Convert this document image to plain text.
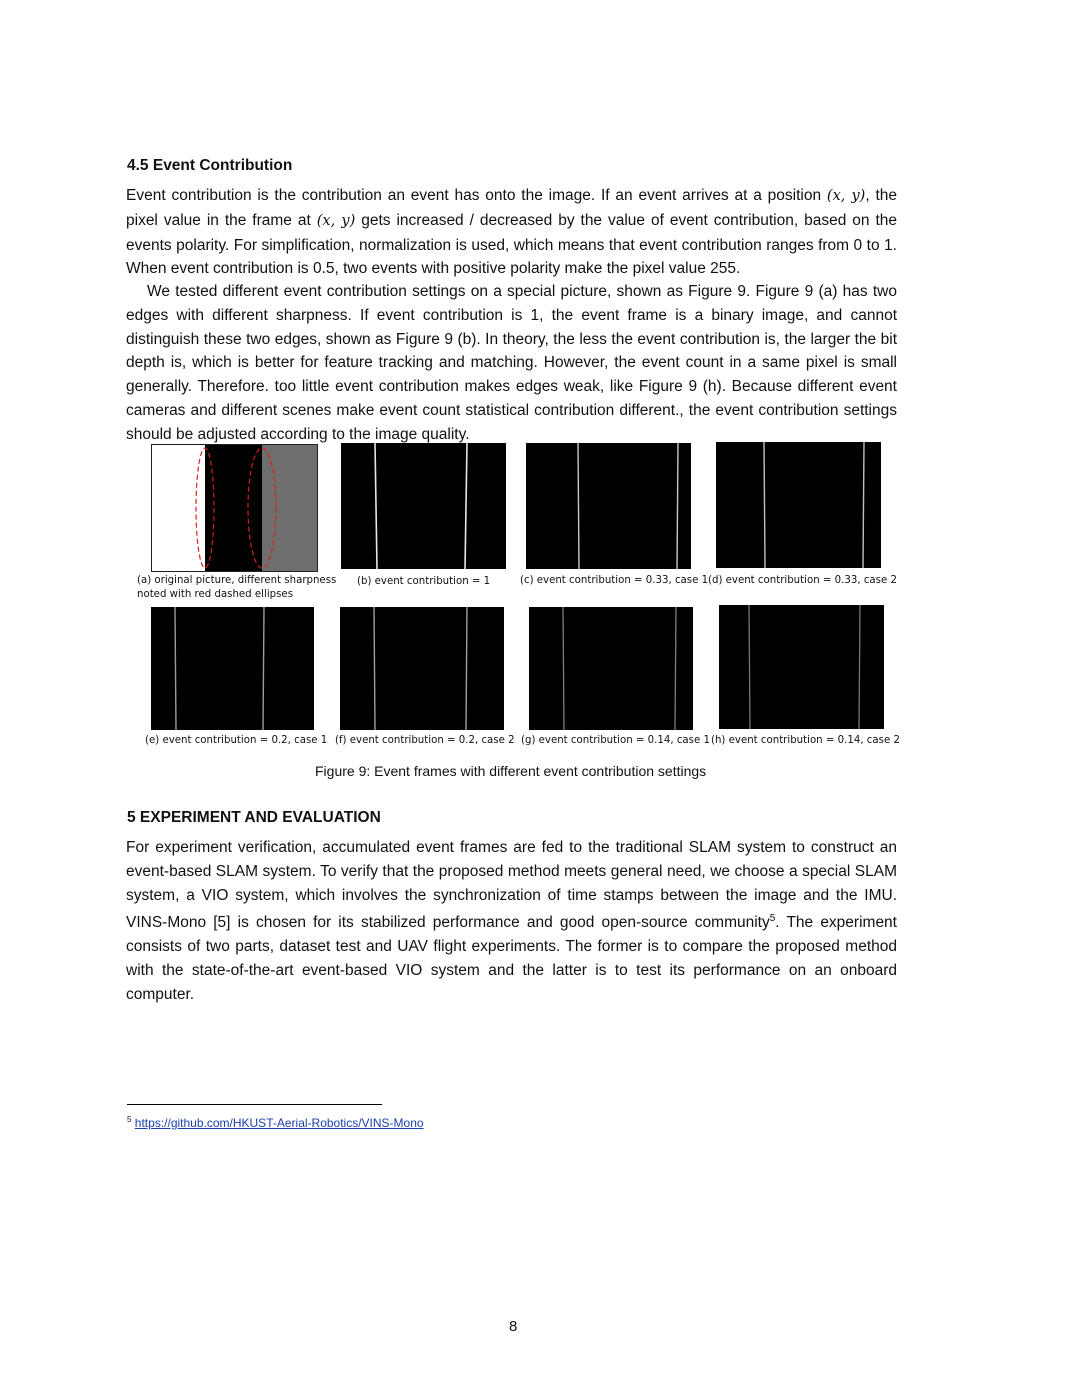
4.5 Event Contribution

Event contribution is the contribution an event has onto the image. If an event arrives at a position (x, y), the pixel value in the frame at (x, y) gets increased / decreased by the value of event contribution, based on the events polarity. For simplification, normalization is used, which means that event contribution ranges from 0 to 1. When event contribution is 0.5, two events with positive polarity make the pixel value 255.

We tested different event contribution settings on a special picture, shown as Figure 9. Figure 9 (a) has two edges with different sharpness. If event contribution is 1, the event frame is a binary image, and cannot distinguish these two edges, shown as Figure 9 (b). In theory, the less the event contribution is, the larger the bit depth is, which is better for feature tracking and matching. However, the event count in a same pixel is small generally. Therefore. too little event contribution makes edges weak, like Figure 9 (h). Because different event cameras and different scenes make event count statistical contribution different., the event contribution settings should be adjusted according to the image quality.

(a) original picture, different sharpness noted with red dashed ellipses
(b) event contribution = 1	(c) event contribution = 0.33, case 1 (d) event contribution = 0.33, case 2
(e) event contribution = 0.2, case 1 (f) event contribution = 0.2, case 2 (g) event contribution = 0.14, case 1 (h) event contribution = 0.14, case 2
Figure 9: Event frames with different event contribution settings
5 EXPERIMENT AND EVALUATION

For experiment verification, accumulated event frames are fed to the traditional SLAM system to construct an event-based SLAM system. To verify that the proposed method meets general need, we choose a special SLAM system, a VIO system, which involves the synchronization of time stamps between the image and the IMU. VINS-Mono [5] is chosen for its stabilized performance and good open-source community$^5$. The experiment consists of two parts, dataset test and UAV flight experiments. The former is to compare the proposed method with the state-of-the-art event-based VIO system and the latter is to test its performance on an onboard computer.

$^5$ https://github.com/HKUST-Aerial-Robotics/VINS-Mono
8
